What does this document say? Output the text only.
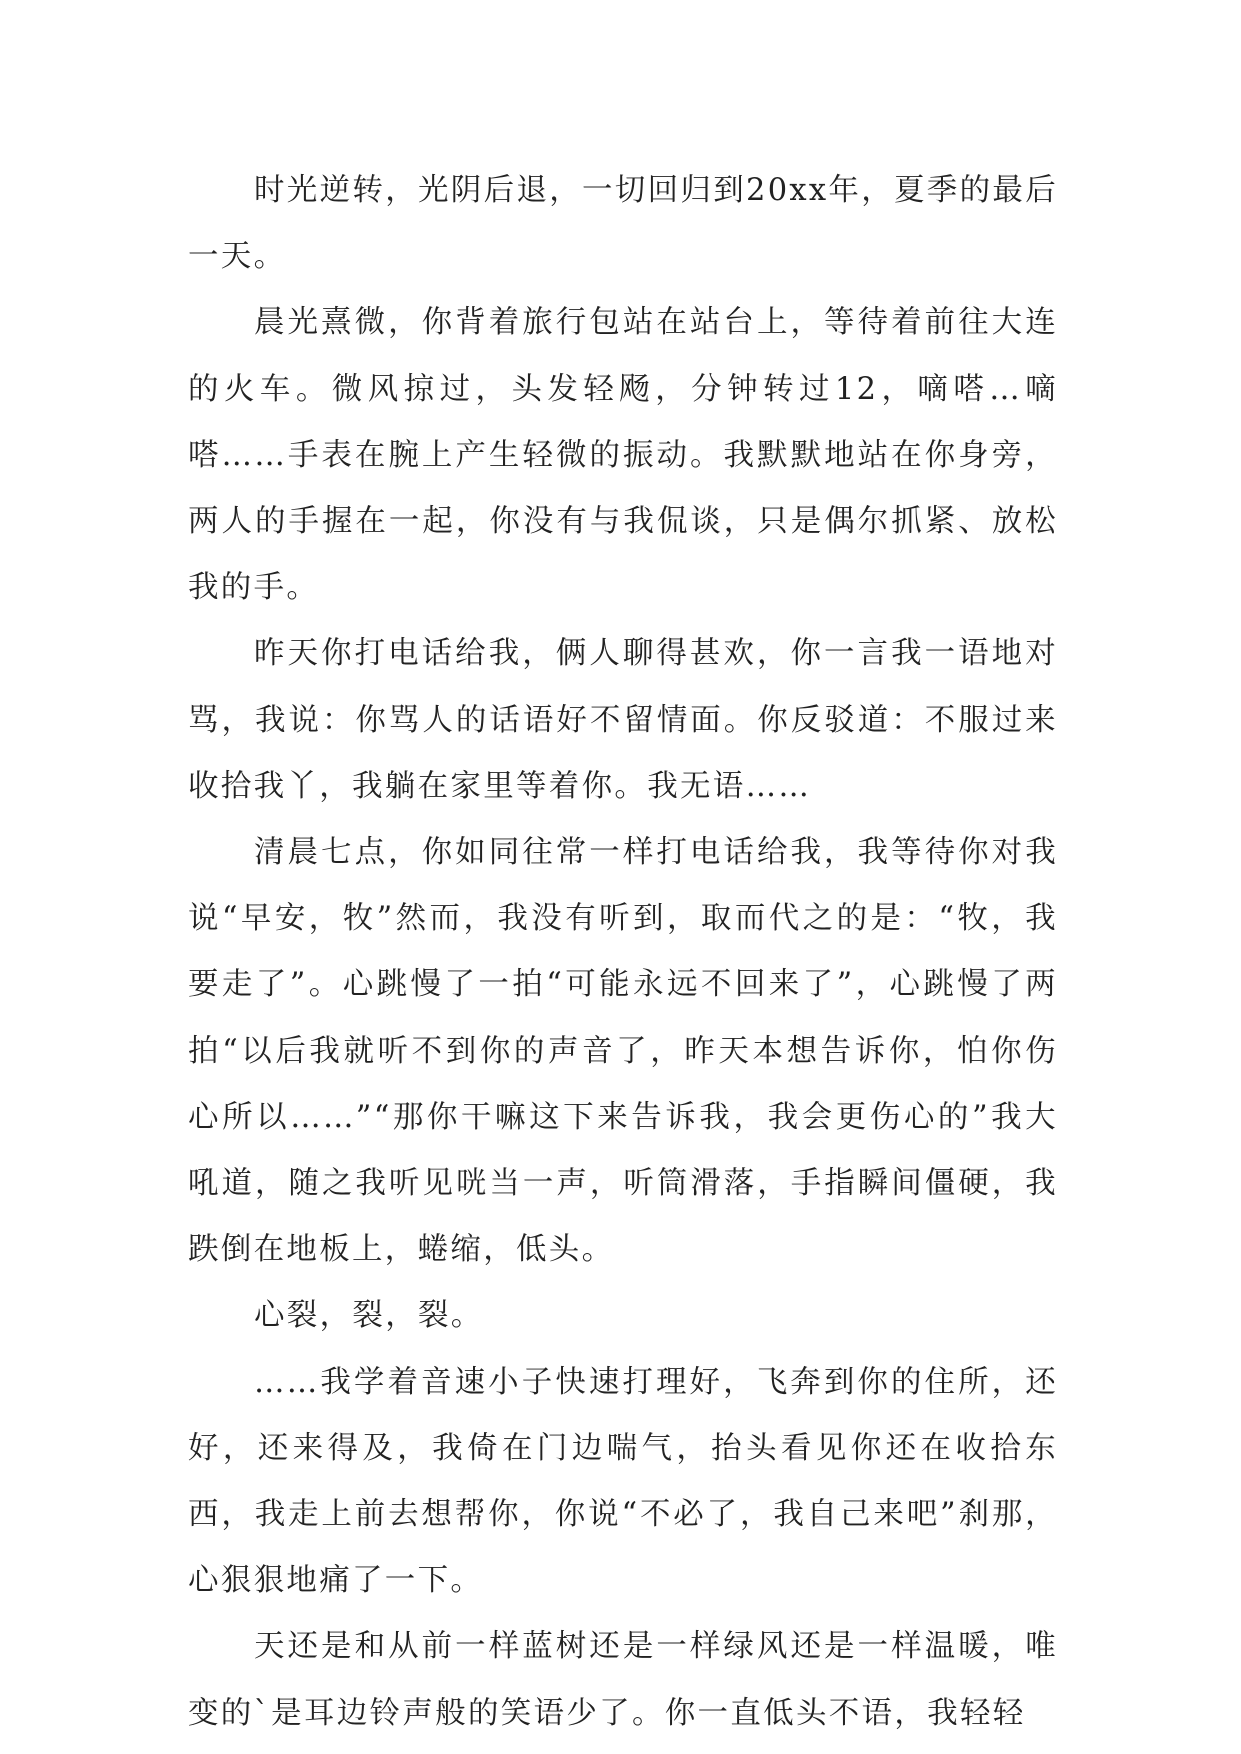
时光逆转，光阴后退，一切回归到20xx年，夏季的最后一天。

晨光熹微，你背着旅行包站在站台上，等待着前往大连的火车。微风掠过，头发轻飏，分钟转过12，嘀嗒…嘀嗒……手表在腕上产生轻微的振动。我默默地站在你身旁，两人的手握在一起，你没有与我侃谈，只是偶尔抓紧、放松我的手。

昨天你打电话给我，俩人聊得甚欢，你一言我一语地对骂，我说：你骂人的话语好不留情面。你反驳道：不服过来收拾我丫，我躺在家里等着你。我无语……

清晨七点，你如同往常一样打电话给我，我等待你对我说“早安，牧”然而，我没有听到，取而代之的是：“牧，我要走了”。心跳慢了一拍“可能永远不回来了”，心跳慢了两拍“以后我就听不到你的声音了，昨天本想告诉你，怕你伤心所以……”“那你干嘛这下来告诉我，我会更伤心的”我大吼道，随之我听见咣当一声，听筒滑落，手指瞬间僵硬，我跌倒在地板上，蜷缩，低头。

心裂，裂，裂。

……我学着音速小子快速打理好，飞奔到你的住所，还好，还来得及，我倚在门边喘气，抬头看见你还在收拾东西，我走上前去想帮你，你说“不必了，我自己来吧”刹那，心狠狠地痛了一下。

天还是和从前一样蓝树还是一样绿风还是一样温暖，唯变的`是耳边铃声般的笑语少了。你一直低头不语，我轻轻
